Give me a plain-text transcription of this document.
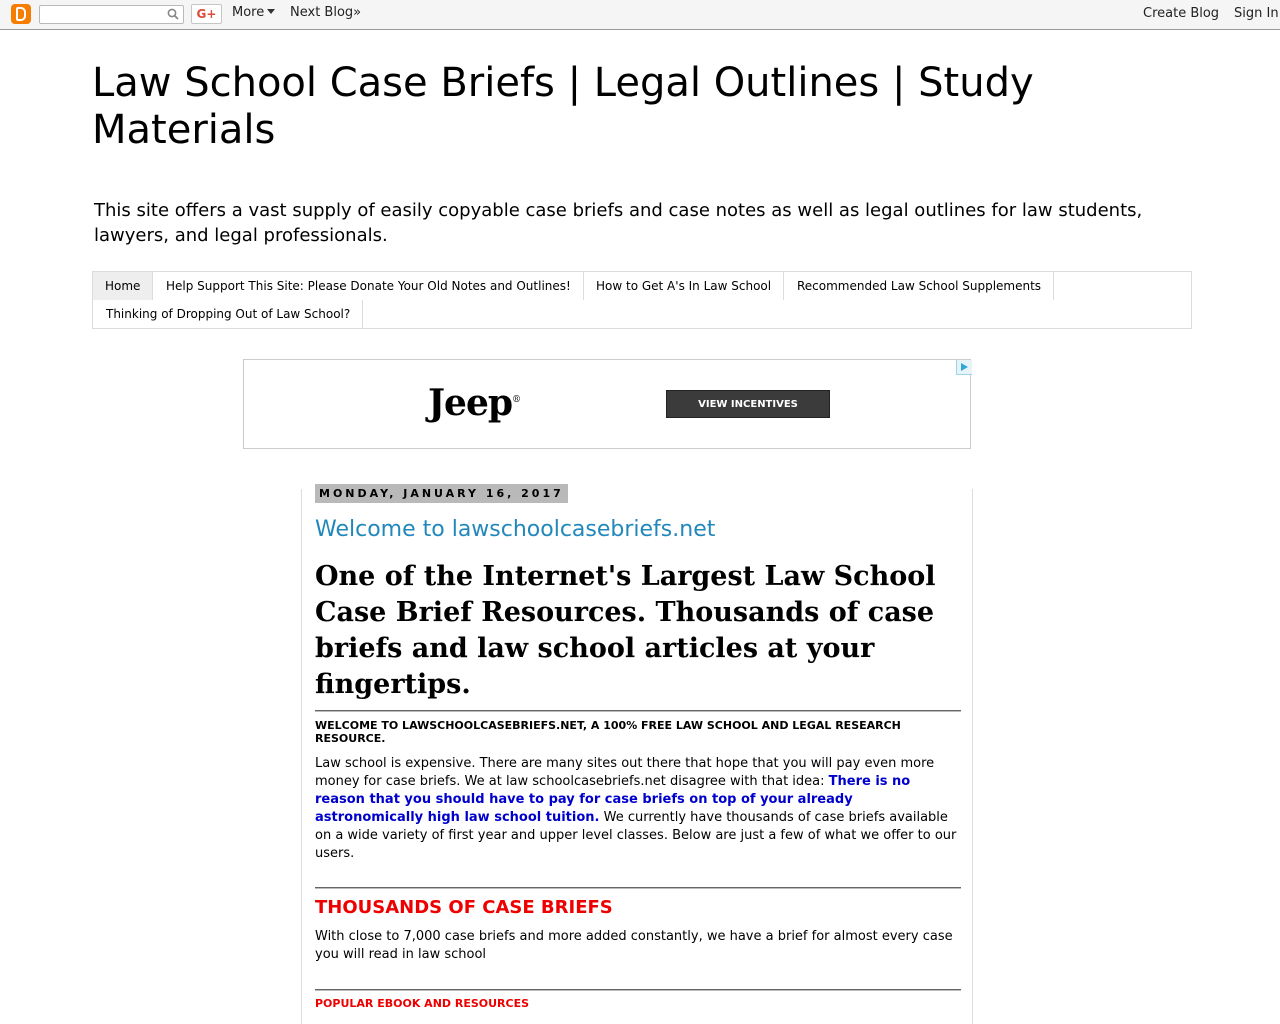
G+	More	Next Blog»	Create Blog Sign In
Law School Case Briefs | Legal Outlines | Study Materials
This site offers a vast supply of easily copyable case briefs and case notes as well as legal outlines for law students, lawyers, and legal professionals.
Home	Help Support This Site: Please Donate Your Old Notes and Outlines!	How to Get A's In Law School	Recommended Law School Supplements
Thinking of Dropping Out of Law School?
Jeep®	VIEW INCENTIVES
MONDAY, JANUARY 16, 2017
Welcome to lawschoolcasebriefs.net
One of the Internet's Largest Law School Case Brief Resources. Thousands of case briefs and law school articles at your fingertips.
WELCOME TO LAWSCHOOLCASEBRIEFS.NET, A 100% FREE LAW SCHOOL AND LEGAL RESEARCH RESOURCE.
Law school is expensive. There are many sites out there that hope that you will pay even more money for case briefs. We at law schoolcasebriefs.net disagree with that idea: There is no reason that you should have to pay for case briefs on top of your already astronomically high law school tuition. We currently have thousands of case briefs available on a wide variety of first year and upper level classes. Below are just a few of what we offer to our users.
THOUSANDS OF CASE BRIEFS
With close to 7,000 case briefs and more added constantly, we have a brief for almost every case you will read in law school
POPULAR EBOOK AND RESOURCES
